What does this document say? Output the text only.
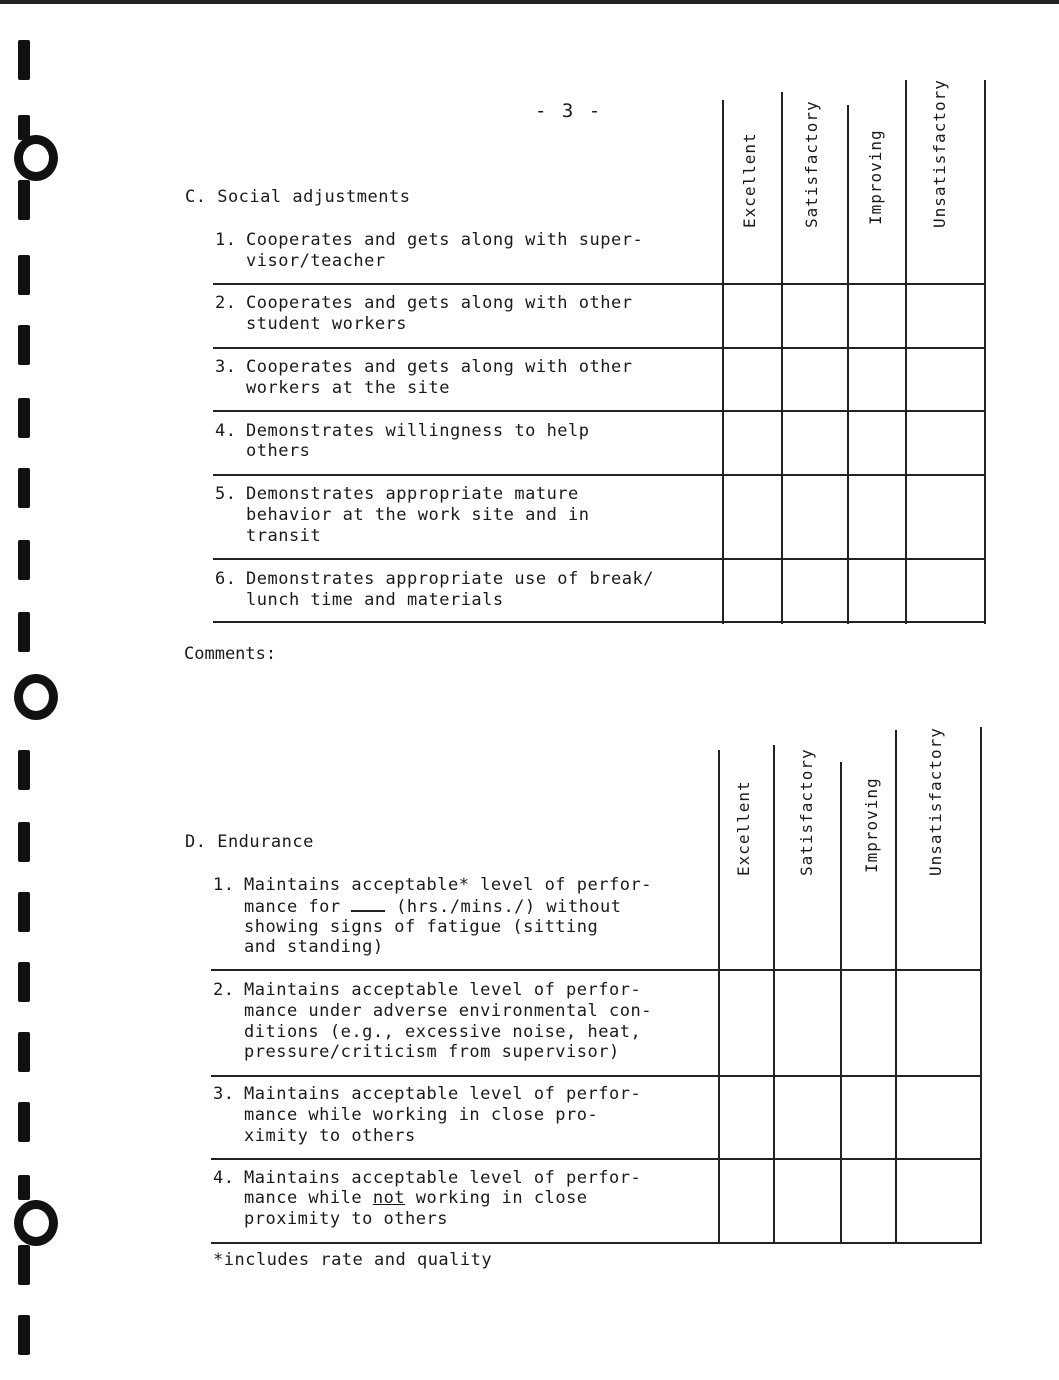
- 3 -
C. Social adjustments	Excellent	Satisfactory	Improving	Unsatisfactory
1. Cooperates and gets along with super-
visor/teacher
2. Cooperates and gets along with other
student workers
3. Cooperates and gets along with other
workers at the site
4. Demonstrates willingness to help
others
5. Demonstrates appropriate mature
behavior at the work site and in
transit
6. Demonstrates appropriate use of break/
lunch time and materials
Comments:
D. Endurance	Excellent	Satisfactory	Improving	Unsatisfactory
1. Maintains acceptable* level of perfor-
mance for  (hrs./mins./) without
showing signs of fatigue (sitting
and standing)
2. Maintains acceptable level of perfor-
mance under adverse environmental con-
ditions (e.g., excessive noise, heat,
pressure/criticism from supervisor)
3. Maintains acceptable level of perfor-
mance while working in close pro-
ximity to others
4. Maintains acceptable level of perfor-
mance while not working in close
proximity to others
*includes rate and quality
